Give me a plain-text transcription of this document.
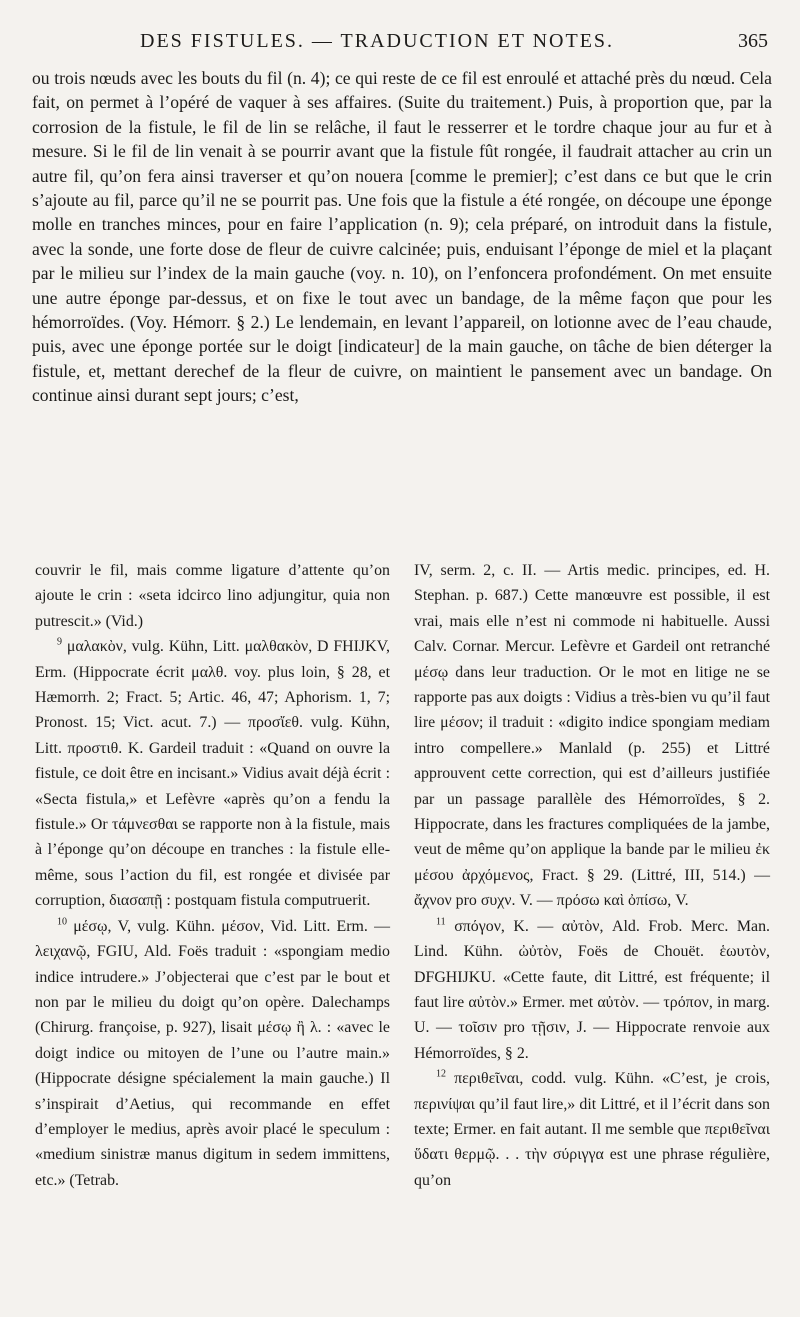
DES FISTULES. — TRADUCTION ET NOTES.	365

ou trois nœuds avec les bouts du fil (n. 4); ce qui reste de ce fil est enroulé et attaché près du nœud. Cela fait, on permet à l’opéré de vaquer à ses affaires. (Suite du traitement.) Puis, à proportion que, par la corrosion de la fistule, le fil de lin se relâche, il faut le resserrer et le tordre chaque jour au fur et à mesure. Si le fil de lin venait à se pourrir avant que la fistule fût rongée, il faudrait attacher au crin un autre fil, qu’on fera ainsi traverser et qu’on nouera [comme le premier]; c’est dans ce but que le crin s’ajoute au fil, parce qu’il ne se pourrit pas. Une fois que la fistule a été rongée, on découpe une éponge molle en tranches minces, pour en faire l’application (n. 9); cela préparé, on introduit dans la fistule, avec la sonde, une forte dose de fleur de cuivre calcinée; puis, enduisant l’éponge de miel et la plaçant par le milieu sur l’index de la main gauche (voy. n. 10), on l’enfoncera profondément. On met ensuite une autre éponge par-dessus, et on fixe le tout avec un bandage, de la même façon que pour les hémorroïdes. (Voy. Hémorr. § 2.) Le lendemain, en levant l’appareil, on lotionne avec de l’eau chaude, puis, avec une éponge portée sur le doigt [indicateur] de la main gauche, on tâche de bien déterger la fistule, et, mettant derechef de la fleur de cuivre, on maintient le pansement avec un bandage. On continue ainsi durant sept jours; c’est,

couvrir le fil, mais comme ligature d’attente qu’on ajoute le crin : «seta idcirco lino adjungitur, quia non putrescit.» (Vid.)

$^9$ μαλακὸν, vulg. Kühn, Litt. μαλθακὸν, D FHIJKV, Erm. (Hippocrate écrit μαλθ. voy. plus loin, § 28, et Hæmorrh. 2; Fract. 5; Artic. 46, 47; Aphorism. 1, 7; Pronost. 15; Vict. acut. 7.) — προσ‎ἴεθ. vulg. Kühn, Litt. προστιθ. K. Gardeil traduit : «Quand on ouvre la fistule, ce doit être en incisant.» Vidius avait déjà écrit : «Secta fistula,» et Lefèvre «après qu’on a fendu la fistule.» Or τάμνεσθαι se rapporte non à la fistule, mais à l’éponge qu’on découpe en tranches : la fistule elle-même, sous l’action du fil, est rongée et divisée par corruption, διασαπῇ : postquam fistula computruerit.

$^{10}$ μέσῳ, V, vulg. Kühn. μέσον, Vid. Litt. Erm. — λειχανῷ, FGIU, Ald. Foës traduit : «spongiam medio indice intrudere.» J’objecterai que c’est par le bout et non par le milieu du doigt qu’on opère. Dalechamps (Chirurg. françoise, p. 927), lisait μέσῳ ἢ λ. : «avec le doigt indice ou mitoyen de l’une ou l’autre main.» (Hippocrate désigne spécialement la main gauche.) Il s’inspirait d’Aetius, qui recommande en effet d’employer le medius, après avoir placé le speculum : «medium sinistræ manus digitum in sedem immittens, etc.» (Tetrab.

IV, serm. 2, c. II. — Artis medic. principes, ed. H. Stephan. p. 687.) Cette manœuvre est possible, il est vrai, mais elle n’est ni commode ni habituelle. Aussi Calv. Cornar. Mercur. Lefèvre et Gardeil ont retranché μέσῳ dans leur traduction. Or le mot en litige ne se rapporte pas aux doigts : Vidius a très-bien vu qu’il faut lire μέσον; il traduit : «digito indice spongiam mediam intro compellere.» Manlald (p. 255) et Littré approuvent cette correction, qui est d’ailleurs justifiée par un passage parallèle des Hémorroïdes, § 2. Hippocrate, dans les fractures compliquées de la jambe, veut de même qu’on applique la bande par le milieu ἐκ μέσου ἀρχόμενος, Fract. § 29. (Littré, III, 514.) — ἄχνον pro συχν. V. — πρόσω καὶ ὀπίσω, V.

$^{11}$ σπόγον, K. — αὐτὸν, Ald. Frob. Merc. Man. Lind. Kühn. ὠὐτὸν, Foës de Chouët. ἑωυτὸν, DFGHIJKU. «Cette faute, dit Littré, est fréquente; il faut lire αὐτὸν.» Ermer. met αὐτὸν. — τρόπον, in marg. U. — τοῖσιν pro τῇσιν, J. — Hippocrate renvoie aux Hémorroïdes, § 2.

$^{12}$ περιθεῖναι, codd. vulg. Kühn. «C’est, je crois, περινίψαι qu’il faut lire,» dit Littré, et il l’écrit dans son texte; Ermer. en fait autant. Il me semble que περιθεῖναι ὕδατι θερμῷ. . . τὴν σύριγγα est une phrase régulière, qu’on
